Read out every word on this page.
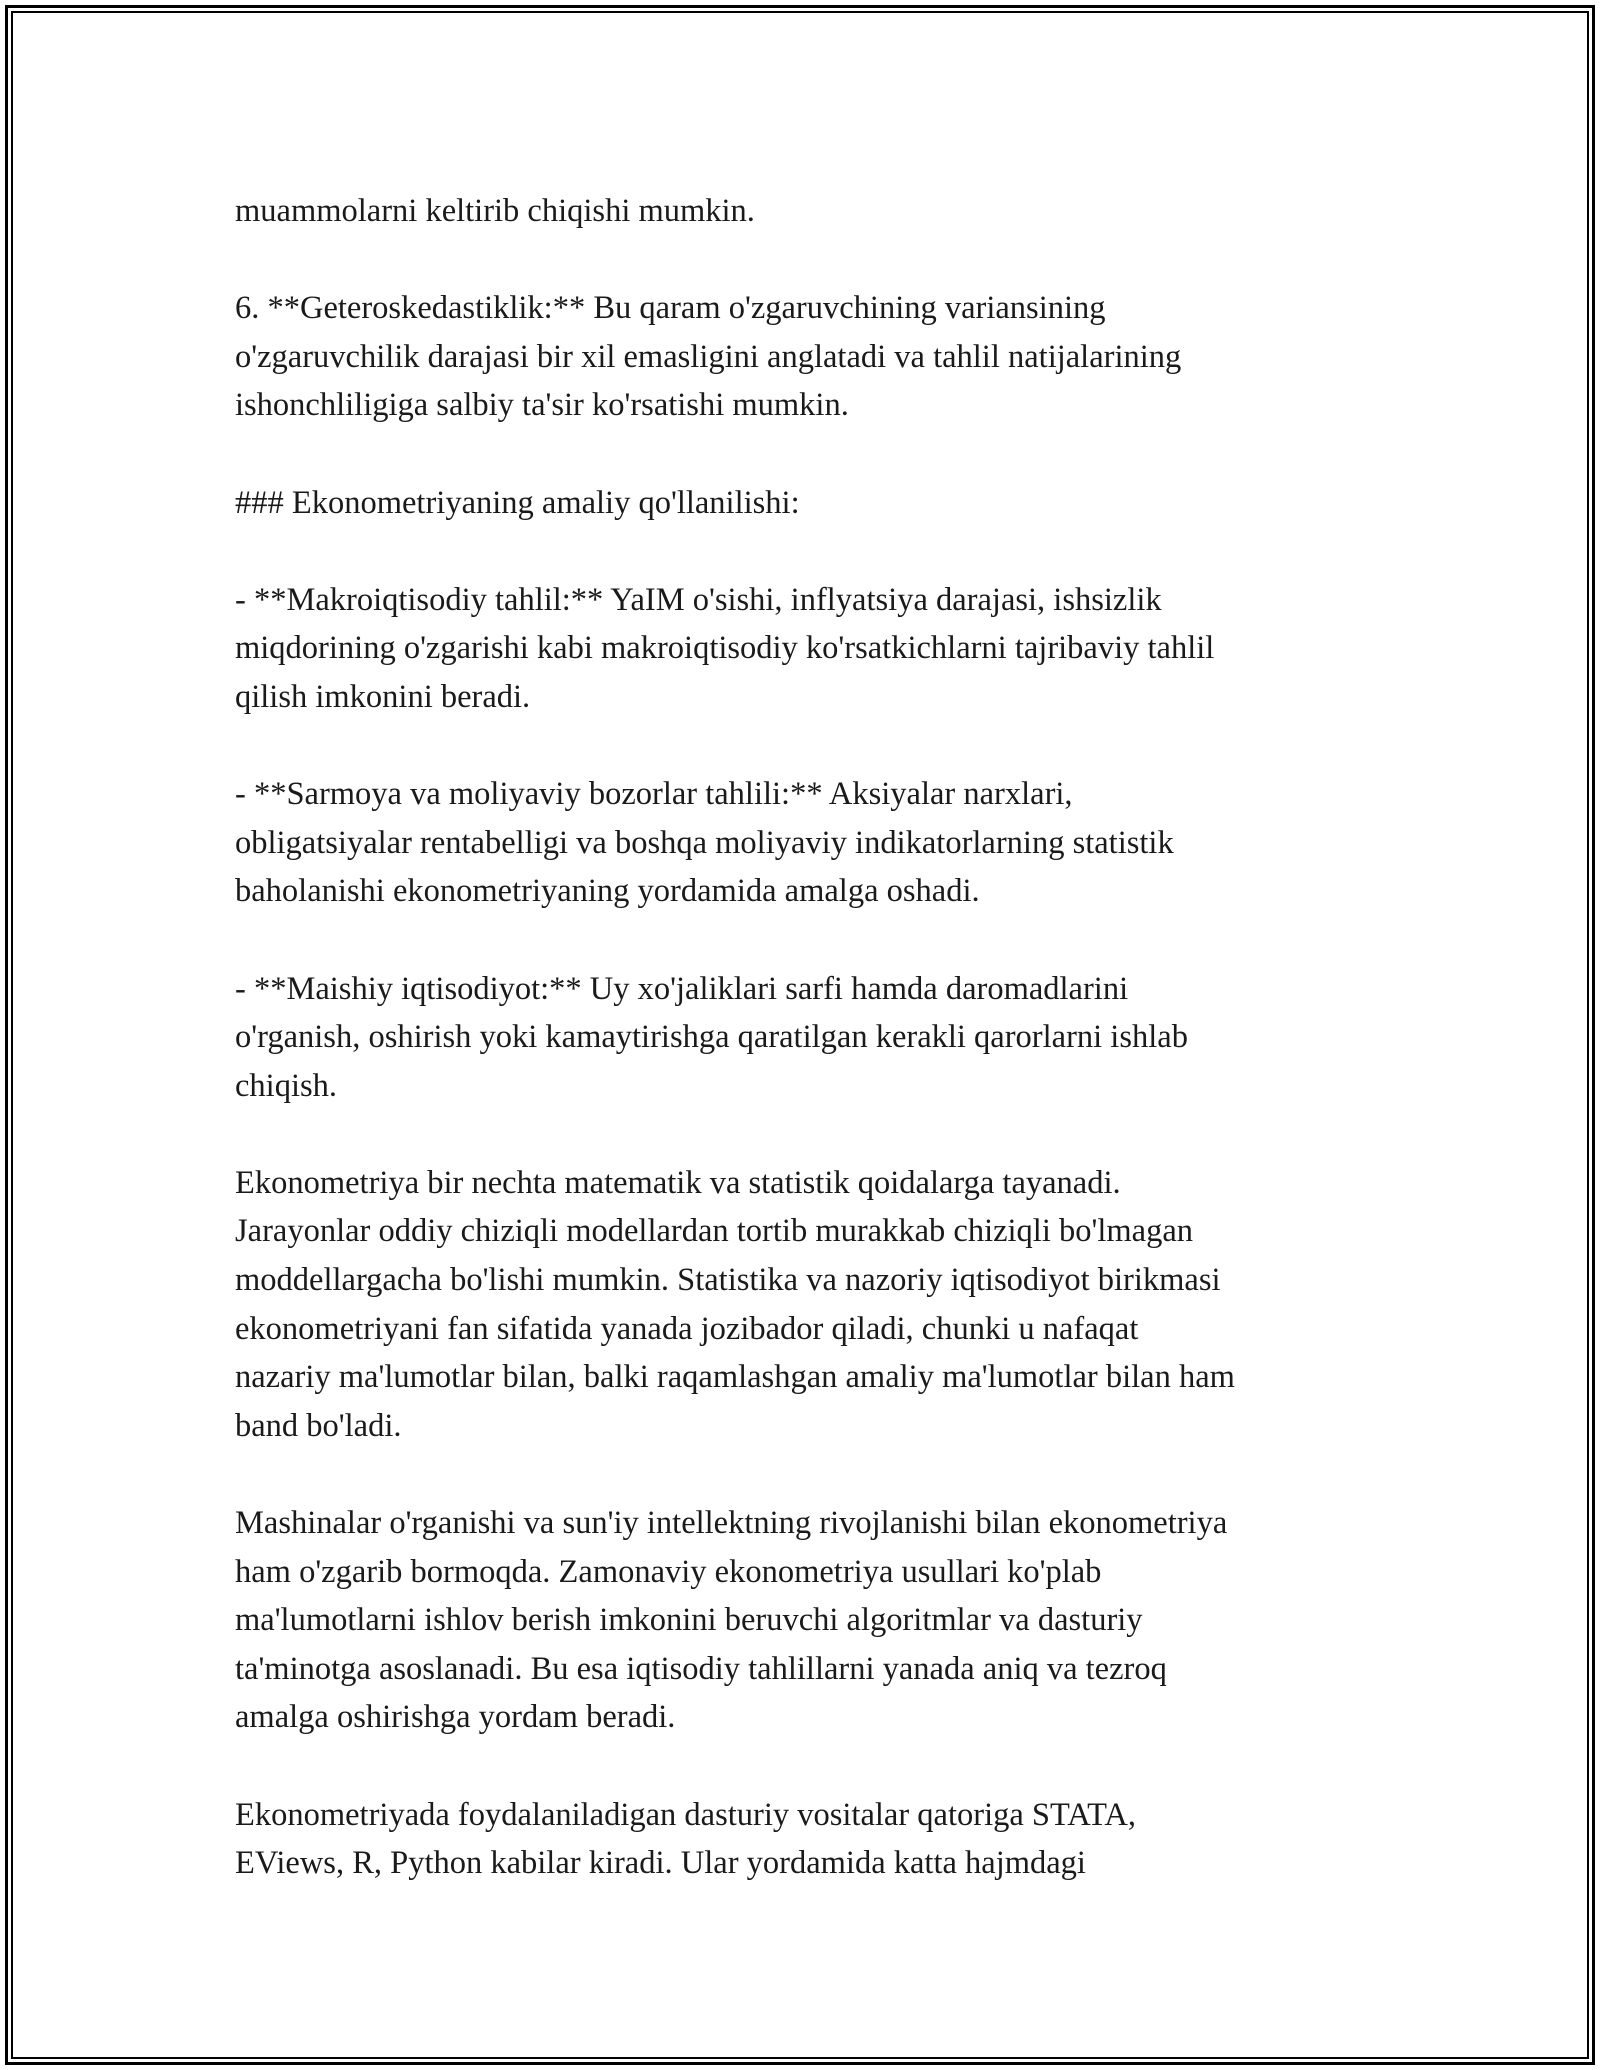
muammolarni keltirib chiqishi mumkin.

6. **Geteroskedastiklik:** Bu qaram o'zgaruvchining variansining
o'zgaruvchilik darajasi bir xil emasligini anglatadi va tahlil natijalarining
ishonchliligiga salbiy ta'sir ko'rsatishi mumkin.

### Ekonometriyaning amaliy qo'llanilishi:

- **Makroiqtisodiy tahlil:** YaIM o'sishi, inflyatsiya darajasi, ishsizlik
miqdorining o'zgarishi kabi makroiqtisodiy ko'rsatkichlarni tajribaviy tahlil
qilish imkonini beradi.

- **Sarmoya va moliyaviy bozorlar tahlili:** Aksiyalar narxlari,
obligatsiyalar rentabelligi va boshqa moliyaviy indikatorlarning statistik
baholanishi ekonometriyaning yordamida amalga oshadi.

- **Maishiy iqtisodiyot:** Uy xo'jaliklari sarfi hamda daromadlarini
o'rganish, oshirish yoki kamaytirishga qaratilgan kerakli qarorlarni ishlab
chiqish.

Ekonometriya bir nechta matematik va statistik qoidalarga tayanadi.
Jarayonlar oddiy chiziqli modellardan tortib murakkab chiziqli bo'lmagan
moddellargacha bo'lishi mumkin. Statistika va nazoriy iqtisodiyot birikmasi
ekonometriyani fan sifatida yanada jozibador qiladi, chunki u nafaqat
nazariy ma'lumotlar bilan, balki raqamlashgan amaliy ma'lumotlar bilan ham
band bo'ladi.

Mashinalar o'rganishi va sun'iy intellektning rivojlanishi bilan ekonometriya
ham o'zgarib bormoqda. Zamonaviy ekonometriya usullari ko'plab
ma'lumotlarni ishlov berish imkonini beruvchi algoritmlar va dasturiy
ta'minotga asoslanadi. Bu esa iqtisodiy tahlillarni yanada aniq va tezroq
amalga oshirishga yordam beradi.

Ekonometriyada foydalaniladigan dasturiy vositalar qatoriga STATA,
EViews, R, Python kabilar kiradi. Ular yordamida katta hajmdagi
